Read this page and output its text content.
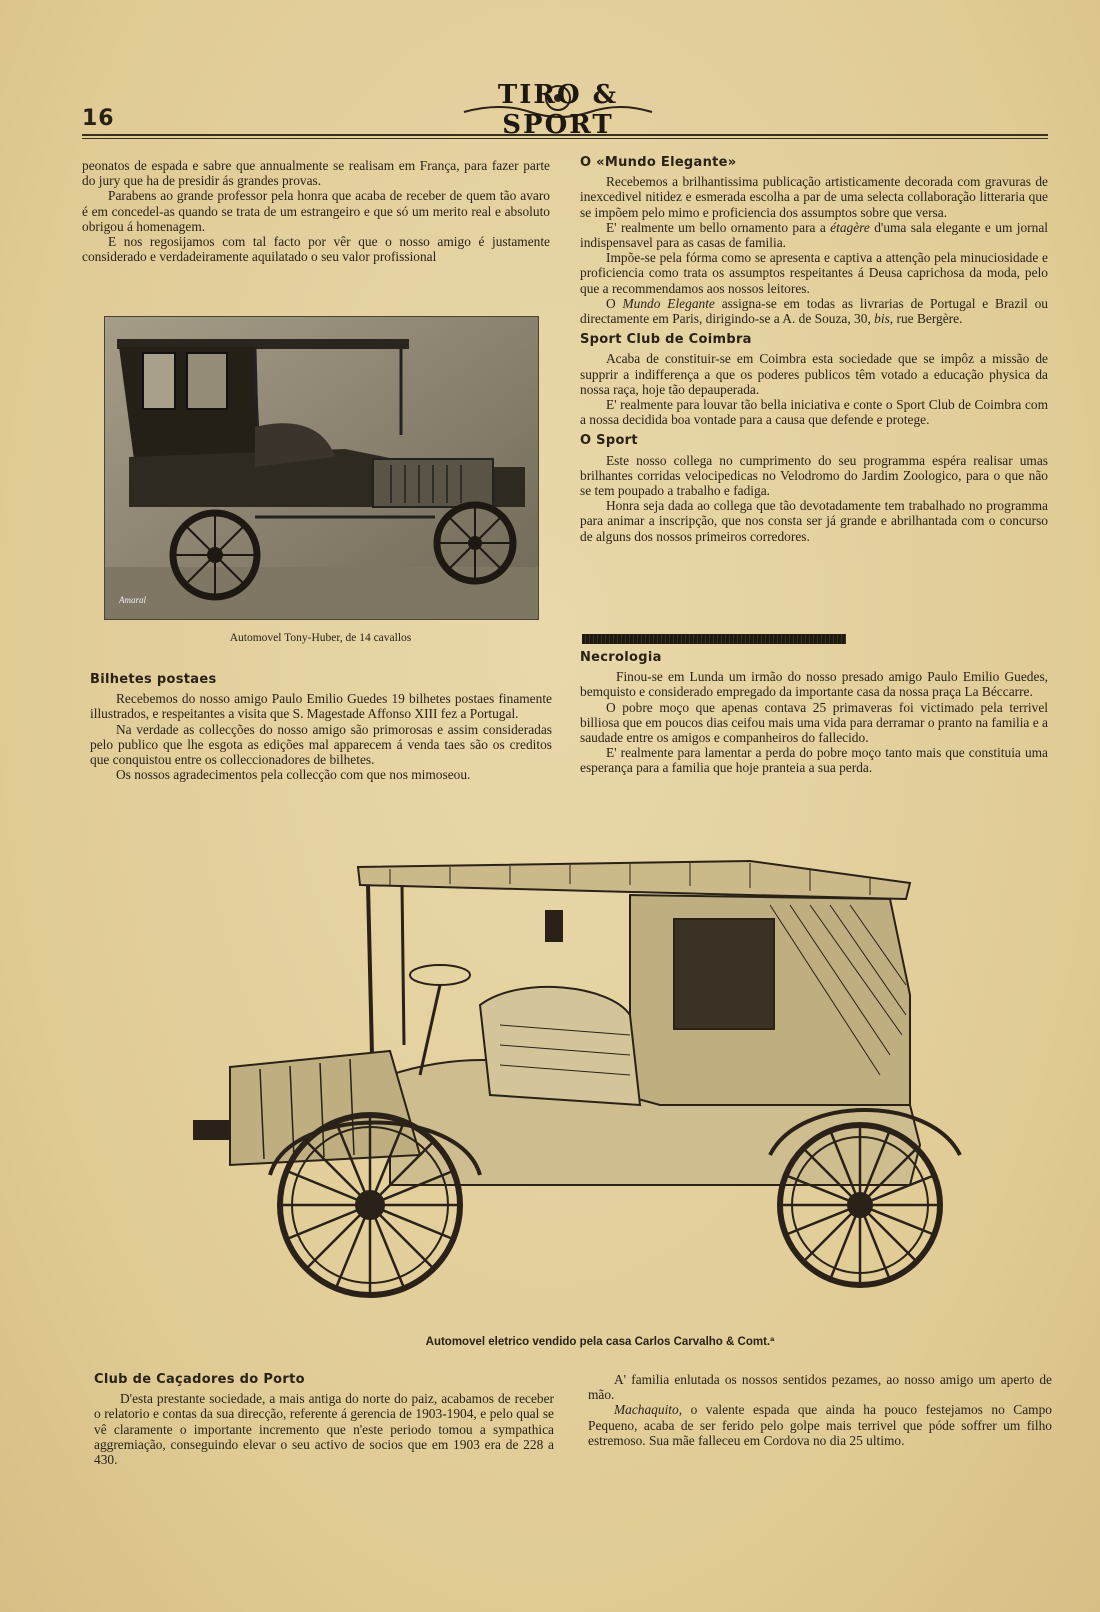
16
TIRO & SPORT

peonatos de espada e sabre que annualmente se realisam em França, para fazer parte do jury que ha de presidir ás grandes provas.

Parabens ao grande professor pela honra que acaba de receber de quem tão avaro é em concedel-as quando se trata de um estrangeiro e que só um merito real e absoluto obrigou á homenagem.

E nos regosijamos com tal facto por vêr que o nosso amigo é justamente considerado e verdadeiramente aquilatado o seu valor profissional

Amaral
Automovel Tony-Huber, de 14 cavallos
Bilhetes postaes

Recebemos do nosso amigo Paulo Emilio Guedes 19 bilhetes postaes finamente illustrados, e respeitantes a visita que S. Magestade Affonso XIII fez a Portugal.

Na verdade as collecções do nosso amigo são primorosas e assim consideradas pelo publico que lhe esgota as edições mal apparecem á venda taes são os creditos que conquistou entre os colleccionadores de bilhetes.

Os nossos agradecimentos pela collecção com que nos mimoseou.

O «Mundo Elegante»

Recebemos a brilhantissima publicação artisticamente decorada com gravuras de inexcedivel nitidez e esmerada escolha a par de uma selecta collaboração litteraria que se impõem pelo mimo e proficiencia dos assumptos sobre que versa.

E' realmente um bello ornamento para a étagère d'uma sala elegante e um jornal indispensavel para as casas de familia.

Impõe-se pela fórma como se apresenta e captiva a attenção pela minuciosidade e proficiencia como trata os assumptos respeitantes á Deusa caprichosa da moda, pelo que a recommendamos aos nossos leitores.

O Mundo Elegante assigna-se em todas as livrarias de Portugal e Brazil ou directamente em Paris, dirigindo-se a A. de Souza, 30, bis, rue Bergère.

Sport Club de Coimbra

Acaba de constituir-se em Coimbra esta sociedade que se impôz a missão de supprir a indifferença a que os poderes publicos têm votado a educação physica da nossa raça, hoje tão depauperada.

E' realmente para louvar tão bella iniciativa e conte o Sport Club de Coimbra com a nossa decidida boa vontade para a causa que defende e protege.

O Sport

Este nosso collega no cumprimento do seu programma espéra realisar umas brilhantes corridas velocipedicas no Velodromo do Jardim Zoologico, para o que não se tem poupado a trabalho e fadiga.

Honra seja dada ao collega que tão devotadamente tem trabalhado no programma para animar a inscripção, que nos consta ser já grande e abrilhantada com o concurso de alguns dos nossos primeiros corredores.

Necrologia

Finou-se em Lunda um irmão do nosso presado amigo Paulo Emilio Guedes, bemquisto e considerado empregado da importante casa da nossa praça La Béccarre.

O pobre moço que apenas contava 25 primaveras foi victimado pela terrivel billiosa que em poucos dias ceifou mais uma vida para derramar o pranto na familia e a saudade entre os amigos e companheiros do fallecido.

E' realmente para lamentar a perda do pobre moço tanto mais que constituia uma esperança para a familia que hoje pranteia a sua perda.

Automovel eletrico vendido pela casa Carlos Carvalho & Comt.ª
Club de Caçadores do Porto

D'esta prestante sociedade, a mais antiga do norte do paiz, acabamos de receber o relatorio e contas da sua direcção, referente á gerencia de 1903-1904, e pelo qual se vê claramente o importante incremento que n'este periodo tomou a sympathica aggremiação, conseguindo elevar o seu activo de socios que em 1903 era de 228 a 430.

A' familia enlutada os nossos sentidos pezames, ao nosso amigo um aperto de mão.

Machaquito, o valente espada que ainda ha pouco festejamos no Campo Pequeno, acaba de ser ferido pelo golpe mais terrivel que póde soffrer um filho estremoso. Sua mãe falleceu em Cordova no dia 25 ultimo.
